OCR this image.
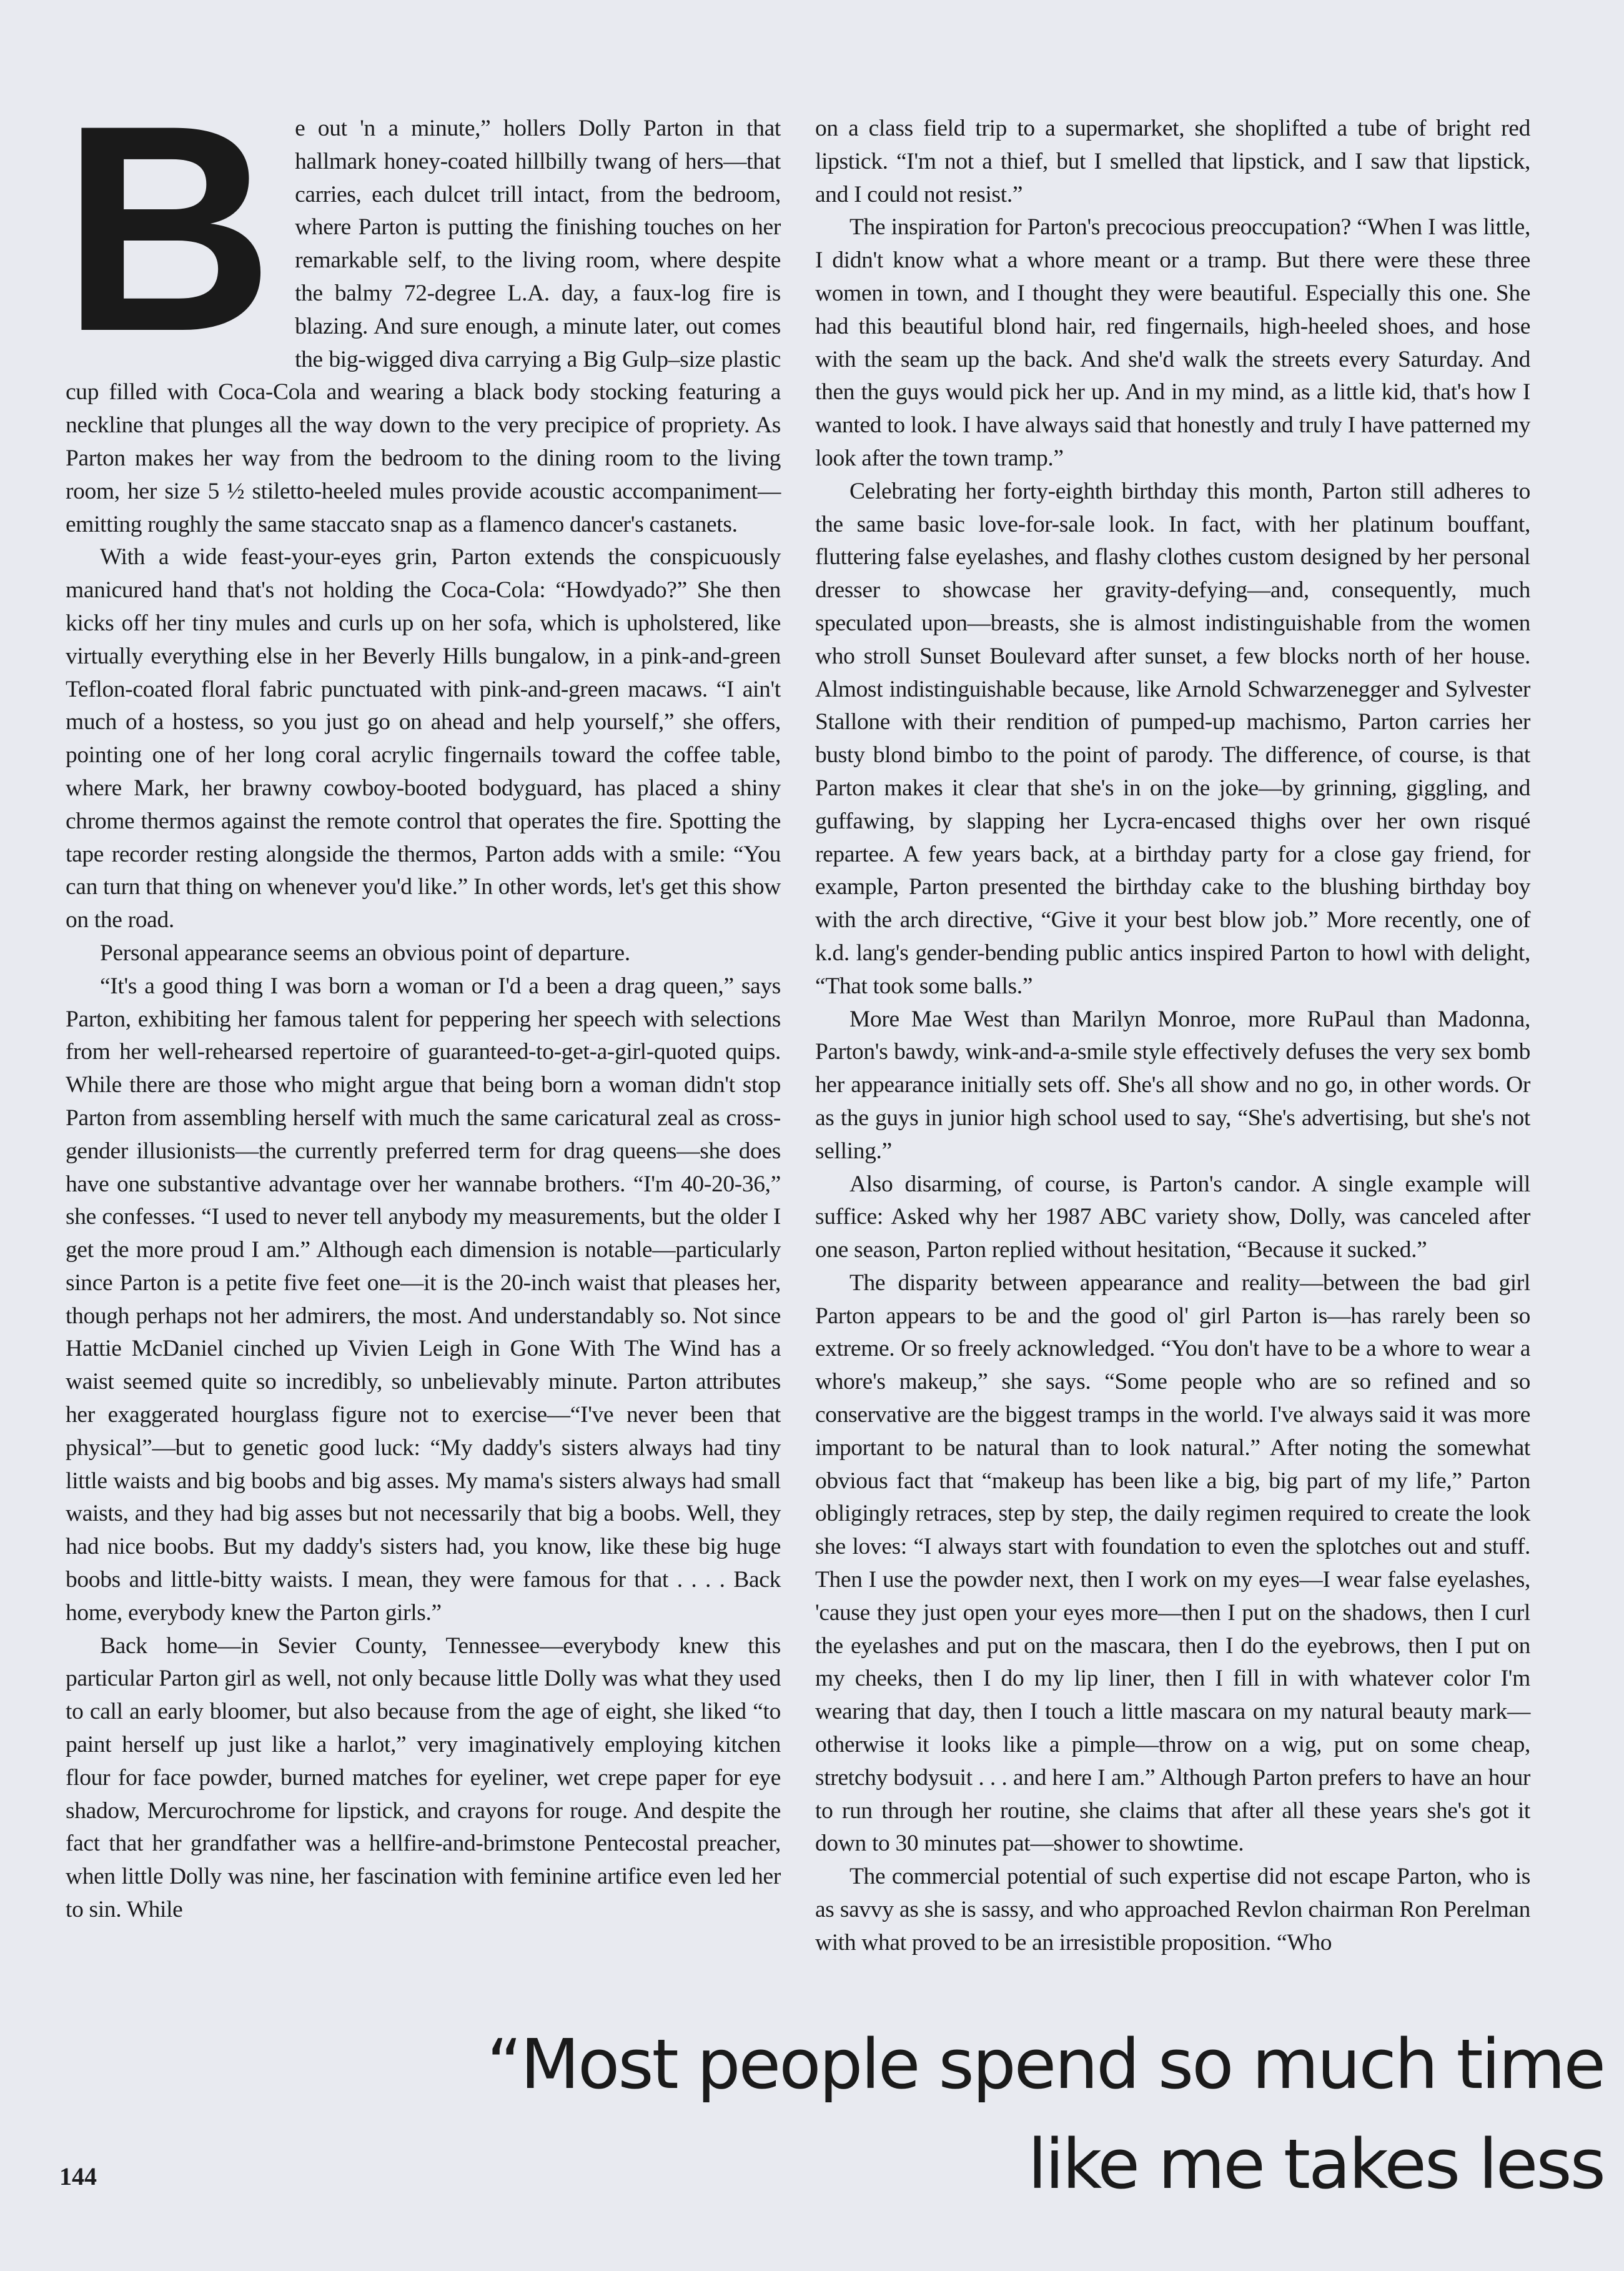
B e out 'n a minute,” hollers Dolly Parton in that hallmark honey-coated hillbilly twang of hers—that carries, each dulcet trill intact, from the bedroom, where Parton is putting the finishing touches on her remarkable self, to the living room, where despite the balmy 72-degree L.A. day, a faux-log fire is blazing. And sure enough, a minute later, out comes the big-wigged diva carrying a Big Gulp–size plastic cup filled with Coca-Cola and wearing a black body stocking featuring a neckline that plunges all the way down to the very precipice of propriety. As Parton makes her way from the bedroom to the dining room to the living room, her size 5 ½ stiletto-heeled mules provide acoustic accompaniment—emitting roughly the same staccato snap as a flamenco dancer's castanets.

With a wide feast-your-eyes grin, Parton extends the conspicuously manicured hand that's not holding the Coca-Cola: “Howdyado?” She then kicks off her tiny mules and curls up on her sofa, which is upholstered, like virtually everything else in her Beverly Hills bungalow, in a pink-and-green Teflon-coated floral fabric punctuated with pink-and-green macaws. “I ain't much of a hostess, so you just go on ahead and help yourself,” she offers, pointing one of her long coral acrylic fingernails toward the coffee table, where Mark, her brawny cowboy-booted bodyguard, has placed a shiny chrome thermos against the remote control that operates the fire. Spotting the tape recorder resting alongside the thermos, Parton adds with a smile: “You can turn that thing on whenever you'd like.” In other words, let's get this show on the road.

Personal appearance seems an obvious point of departure.

“It's a good thing I was born a woman or I'd a been a drag queen,” says Parton, exhibiting her famous talent for peppering her speech with selections from her well-rehearsed repertoire of guaranteed-to-get-a-girl-quoted quips. While there are those who might argue that being born a woman didn't stop Parton from assembling herself with much the same caricatural zeal as cross-gender illusionists—the currently preferred term for drag queens—she does have one substantive advantage over her wannabe brothers. “I'm 40-20-36,” she confesses. “I used to never tell anybody my measurements, but the older I get the more proud I am.” Although each dimension is notable—particularly since Parton is a petite five feet one—it is the 20-inch waist that pleases her, though perhaps not her admirers, the most. And understandably so. Not since Hattie McDaniel cinched up Vivien Leigh in Gone With The Wind has a waist seemed quite so incredibly, so unbelievably minute. Parton attributes her exaggerated hourglass figure not to exercise—“I've never been that physical”—but to genetic good luck: “My daddy's sisters always had tiny little waists and big boobs and big asses. My mama's sisters always had small waists, and they had big asses but not necessarily that big a boobs. Well, they had nice boobs. But my daddy's sisters had, you know, like these big huge boobs and little-bitty waists. I mean, they were famous for that . . . . Back home, everybody knew the Parton girls.”

Back home—in Sevier County, Tennessee—everybody knew this particular Parton girl as well, not only because little Dolly was what they used to call an early bloomer, but also because from the age of eight, she liked “to paint herself up just like a harlot,” very imaginatively employing kitchen flour for face powder, burned matches for eyeliner, wet crepe paper for eye shadow, Mercurochrome for lipstick, and crayons for rouge. And despite the fact that her grandfather was a hellfire-and-brimstone Pentecostal preacher, when little Dolly was nine, her fascination with feminine artifice even led her to sin. While

on a class field trip to a supermarket, she shoplifted a tube of bright red lipstick. “I'm not a thief, but I smelled that lipstick, and I saw that lipstick, and I could not resist.”

The inspiration for Parton's precocious preoccupation? “When I was little, I didn't know what a whore meant or a tramp. But there were these three women in town, and I thought they were beautiful. Especially this one. She had this beautiful blond hair, red fingernails, high-heeled shoes, and hose with the seam up the back. And she'd walk the streets every Saturday. And then the guys would pick her up. And in my mind, as a little kid, that's how I wanted to look. I have always said that honestly and truly I have patterned my look after the town tramp.”

Celebrating her forty-eighth birthday this month, Parton still adheres to the same basic love-for-sale look. In fact, with her platinum bouffant, fluttering false eyelashes, and flashy clothes custom designed by her personal dresser to showcase her gravity-defying—and, consequently, much speculated upon—breasts, she is almost indistinguishable from the women who stroll Sunset Boulevard after sunset, a few blocks north of her house. Almost indistinguishable because, like Arnold Schwarzenegger and Sylvester Stallone with their rendition of pumped-up machismo, Parton carries her busty blond bimbo to the point of parody. The difference, of course, is that Parton makes it clear that she's in on the joke—by grinning, giggling, and guffawing, by slapping her Lycra-encased thighs over her own risqué repartee. A few years back, at a birthday party for a close gay friend, for example, Parton presented the birthday cake to the blushing birthday boy with the arch directive, “Give it your best blow job.” More recently, one of k.d. lang's gender-bending public antics inspired Parton to howl with delight, “That took some balls.”

More Mae West than Marilyn Monroe, more RuPaul than Madonna, Parton's bawdy, wink-and-a-smile style effectively defuses the very sex bomb her appearance initially sets off. She's all show and no go, in other words. Or as the guys in junior high school used to say, “She's advertising, but she's not selling.”

Also disarming, of course, is Parton's candor. A single example will suffice: Asked why her 1987 ABC variety show, Dolly, was canceled after one season, Parton replied without hesitation, “Because it sucked.”

The disparity between appearance and reality—between the bad girl Parton appears to be and the good ol' girl Parton is—has rarely been so extreme. Or so freely acknowledged. “You don't have to be a whore to wear a whore's makeup,” she says. “Some people who are so refined and so conservative are the biggest tramps in the world. I've always said it was more important to be natural than to look natural.” After noting the somewhat obvious fact that “makeup has been like a big, big part of my life,” Parton obligingly retraces, step by step, the daily regimen required to create the look she loves: “I always start with foundation to even the splotches out and stuff. Then I use the powder next, then I work on my eyes—I wear false eyelashes, 'cause they just open your eyes more—then I put on the shadows, then I curl the eyelashes and put on the mascara, then I do the eyebrows, then I put on my cheeks, then I do my lip liner, then I fill in with whatever color I'm wearing that day, then I touch a little mascara on my natural beauty mark—otherwise it looks like a pimple—throw on a wig, put on some cheap, stretchy bodysuit . . . and here I am.” Although Parton prefers to have an hour to run through her routine, she claims that after all these years she's got it down to 30 minutes pat—shower to showtime.

The commercial potential of such expertise did not escape Parton, who is as savvy as she is sassy, and who approached Revlon chairman Ron Perelman with what proved to be an irresistible proposition. “Who

“Most people spend so much time
like me takes less
144
